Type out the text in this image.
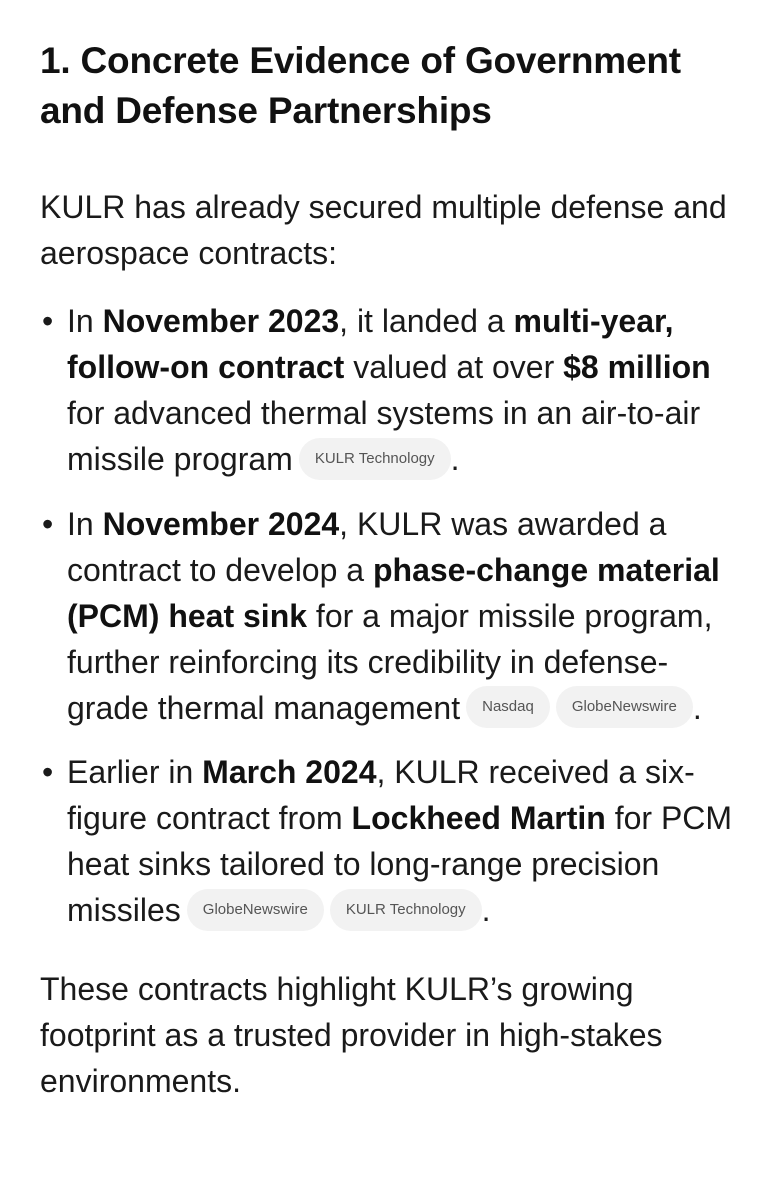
1. Concrete Evidence of Government and Defense Partnerships

KULR has already secured multiple defense and aerospace contracts:

• In November 2023, it landed a multi-year, follow-on contract valued at over $8 million for advanced thermal systems in an air-to-air missile program KULR Technology .
• In November 2024, KULR was awarded a contract to develop a phase-change material (PCM) heat sink for a major missile program, further reinforcing its credibility in defense-grade thermal management Nasdaq	GlobeNewswire .
• Earlier in March 2024, KULR received a six-figure contract from Lockheed Martin for PCM heat sinks tailored to long-range precision missiles GlobeNewswire	KULR Technology .

These contracts highlight KULR’s growing footprint as a trusted provider in high-stakes environments.
